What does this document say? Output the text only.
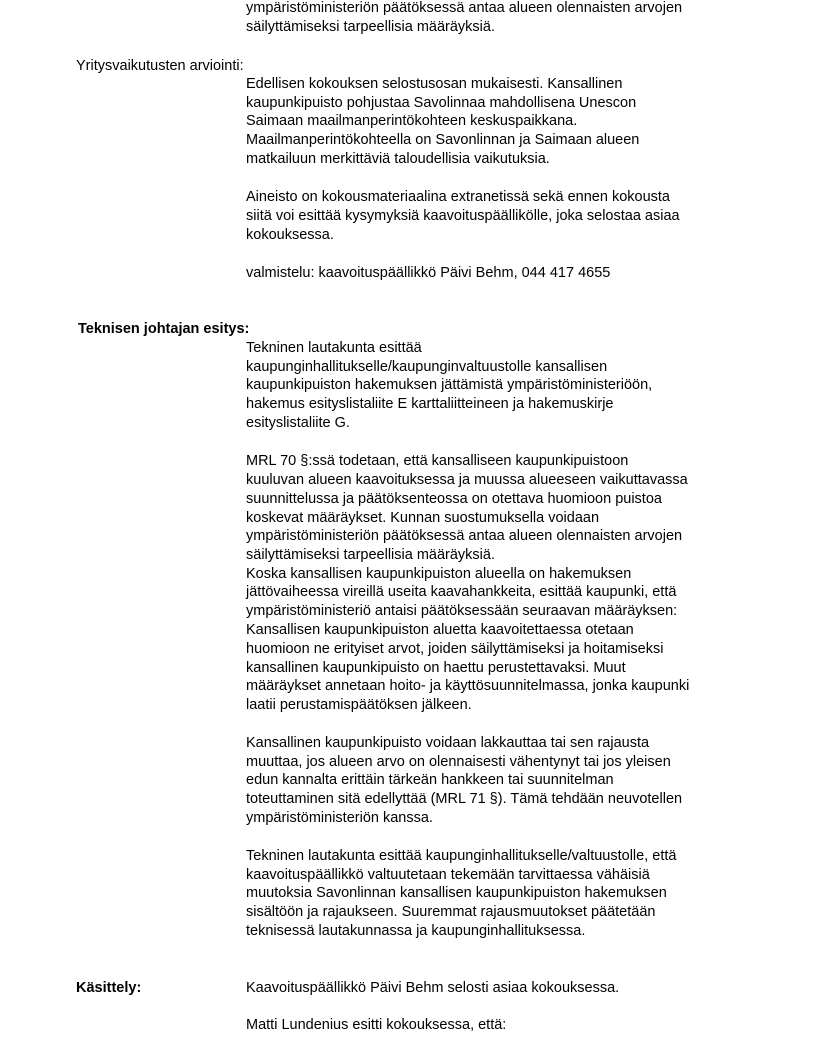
ympäristöministeriön päätöksessä antaa alueen olennaisten arvojen
säilyttämiseksi tarpeellisia määräyksiä.
Yritysvaikutusten arviointi:
Edellisen kokouksen selostusosan mukaisesti. Kansallinen
kaupunkipuisto pohjustaa Savolinnaa mahdollisena Unescon
Saimaan maailmanperintökohteen keskuspaikkana.
Maailmanperintökohteella on Savonlinnan ja Saimaan alueen
matkailuun merkittäviä taloudellisia vaikutuksia.
Aineisto on kokousmateriaalina extranetissä sekä ennen kokousta
siitä voi esittää kysymyksiä kaavoituspäällikölle, joka selostaa asiaa
kokouksessa.
valmistelu: kaavoituspäällikkö Päivi Behm, 044 417 4655
Teknisen johtajan esitys:
Tekninen lautakunta esittää
kaupunginhallitukselle/kaupunginvaltuustolle kansallisen
kaupunkipuiston hakemuksen jättämistä ympäristöministeriöön,
hakemus esityslistaliite E karttaliitteineen ja hakemuskirje
esityslistaliite G.
MRL 70 §:ssä todetaan, että kansalliseen kaupunkipuistoon
kuuluvan alueen kaavoituksessa ja muussa alueeseen vaikuttavassa
suunnittelussa ja päätöksenteossa on otettava huomioon puistoa
koskevat määräykset. Kunnan suostumuksella voidaan
ympäristöministeriön päätöksessä antaa alueen olennaisten arvojen
säilyttämiseksi tarpeellisia määräyksiä.
Koska kansallisen kaupunkipuiston alueella on hakemuksen
jättövaiheessa vireillä useita kaavahankkeita, esittää kaupunki, että
ympäristöministeriö antaisi päätöksessään seuraavan määräyksen:
Kansallisen kaupunkipuiston aluetta kaavoitettaessa otetaan
huomioon ne erityiset arvot, joiden säilyttämiseksi ja hoitamiseksi
kansallinen kaupunkipuisto on haettu perustettavaksi. Muut
määräykset annetaan hoito- ja käyttösuunnitelmassa, jonka kaupunki
laatii perustamispäätöksen jälkeen.
Kansallinen kaupunkipuisto voidaan lakkauttaa tai sen rajausta
muuttaa, jos alueen arvo on olennaisesti vähentynyt tai jos yleisen
edun kannalta erittäin tärkeän hankkeen tai suunnitelman
toteuttaminen sitä edellyttää (MRL 71 §). Tämä tehdään neuvotellen
ympäristöministeriön kanssa.
Tekninen lautakunta esittää kaupunginhallitukselle/valtuustolle, että
kaavoituspäällikkö valtuutetaan tekemään tarvittaessa vähäisiä
muutoksia Savonlinnan kansallisen kaupunkipuiston hakemuksen
sisältöön ja rajaukseen. Suuremmat rajausmuutokset päätetään
teknisessä lautakunnassa ja kaupunginhallituksessa.
Käsittely:	Kaavoituspäällikkö Päivi Behm selosti asiaa kokouksessa.
Matti Lundenius esitti kokouksessa, että:
